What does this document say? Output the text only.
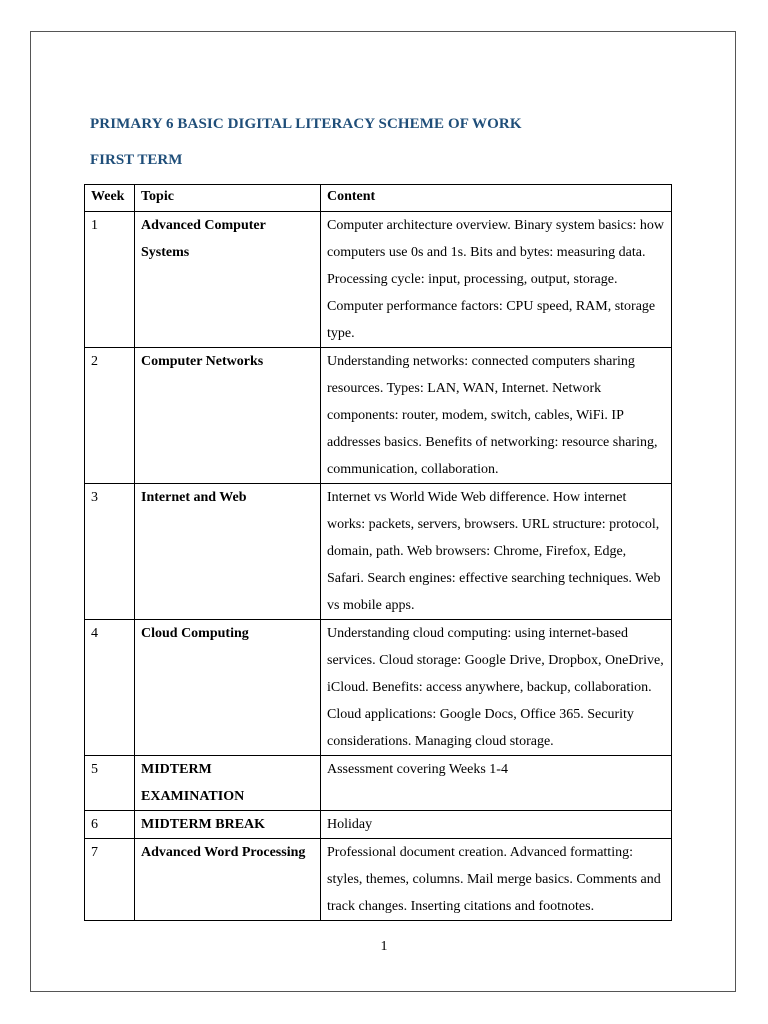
PRIMARY 6 BASIC DIGITAL LITERACY SCHEME OF WORK
FIRST TERM
Week	Topic	Content
1	Advanced Computer Systems	Computer architecture overview. Binary system basics: how computers use 0s and 1s. Bits and bytes: measuring data. Processing cycle: input, processing, output, storage. Computer performance factors: CPU speed, RAM, storage type.
2	Computer Networks	Understanding networks: connected computers sharing resources. Types: LAN, WAN, Internet. Network components: router, modem, switch, cables, WiFi. IP addresses basics. Benefits of networking: resource sharing, communication, collaboration.
3	Internet and Web	Internet vs World Wide Web difference. How internet works: packets, servers, browsers. URL structure: protocol, domain, path. Web browsers: Chrome, Firefox, Edge, Safari. Search engines: effective searching techniques. Web vs mobile apps.
4	Cloud Computing	Understanding cloud computing: using internet-based services. Cloud storage: Google Drive, Dropbox, OneDrive, iCloud. Benefits: access anywhere, backup, collaboration. Cloud applications: Google Docs, Office 365. Security considerations. Managing cloud storage.
5	MIDTERM EXAMINATION	Assessment covering Weeks 1-4
6	MIDTERM BREAK	Holiday
7	Advanced Word Processing	Professional document creation. Advanced formatting: styles, themes, columns. Mail merge basics. Comments and track changes. Inserting citations and footnotes.
1
